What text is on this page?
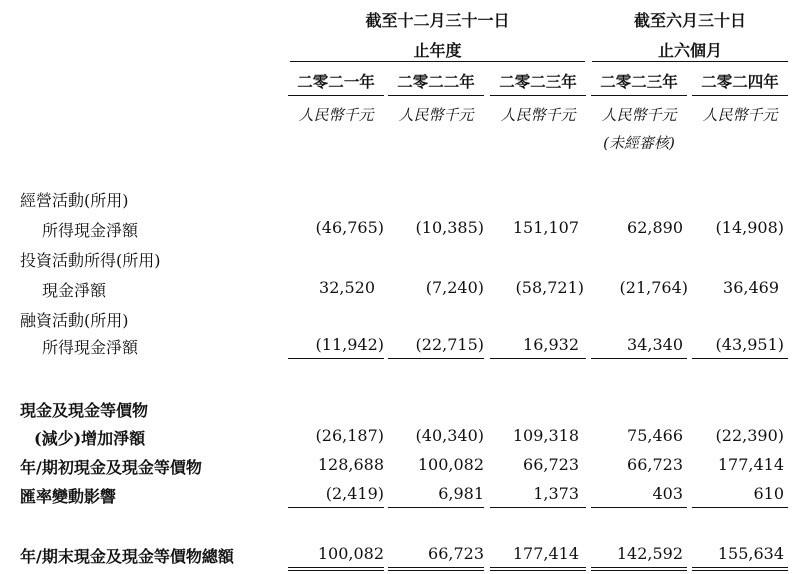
截至十二月三十一日
止年度
截至六月三十日
止六個月
二零二一年	二零二二年	二零二三年	二零二三年	二零二四年
人民幣千元	人民幣千元	人民幣千元	人民幣千元	人民幣千元
(未經審核)
經營活動(所用)
所得現金淨額	(46,765)	(10,385)	151,107	62,890	(14,908)
投資活動所得(所用)
現金淨額	32,520	(7,240)	(58,721)	(21,764)	36,469
融資活動(所用)
所得現金淨額	(11,942)	(22,715)	16,932	34,340	(43,951)
現金及現金等價物
(減少)增加淨額	(26,187)	(40,340)	109,318	75,466	(22,390)
年/期初現金及現金等價物	128,688	100,082	66,723	66,723	177,414
匯率變動影響	(2,419)	6,981	1,373	403	610
年/期末現金及現金等價物總額	100,082	66,723	177,414	142,592	155,634
